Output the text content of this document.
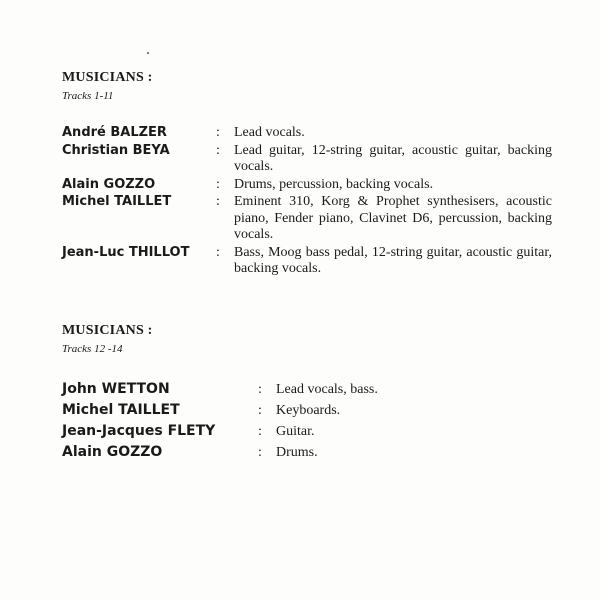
MUSICIANS :
Tracks 1-11
André BALZER	:	Lead vocals.
Christian BEYA	:	Lead guitar, 12-string guitar, acoustic guitar, backing vocals.
Alain GOZZO	:	Drums, percussion, backing vocals.
Michel TAILLET	:	Eminent 310, Korg & Prophet synthesisers, acoustic piano, Fender piano, Clavinet D6, percussion, backing vocals.
Jean-Luc THILLOT	:	Bass, Moog bass pedal, 12-string guitar, acoustic guitar, backing vocals.
MUSICIANS :
Tracks 12 -14
John WETTON	:	Lead vocals, bass.
Michel TAILLET	:	Keyboards.
Jean-Jacques FLETY	:	Guitar.
Alain GOZZO	:	Drums.
